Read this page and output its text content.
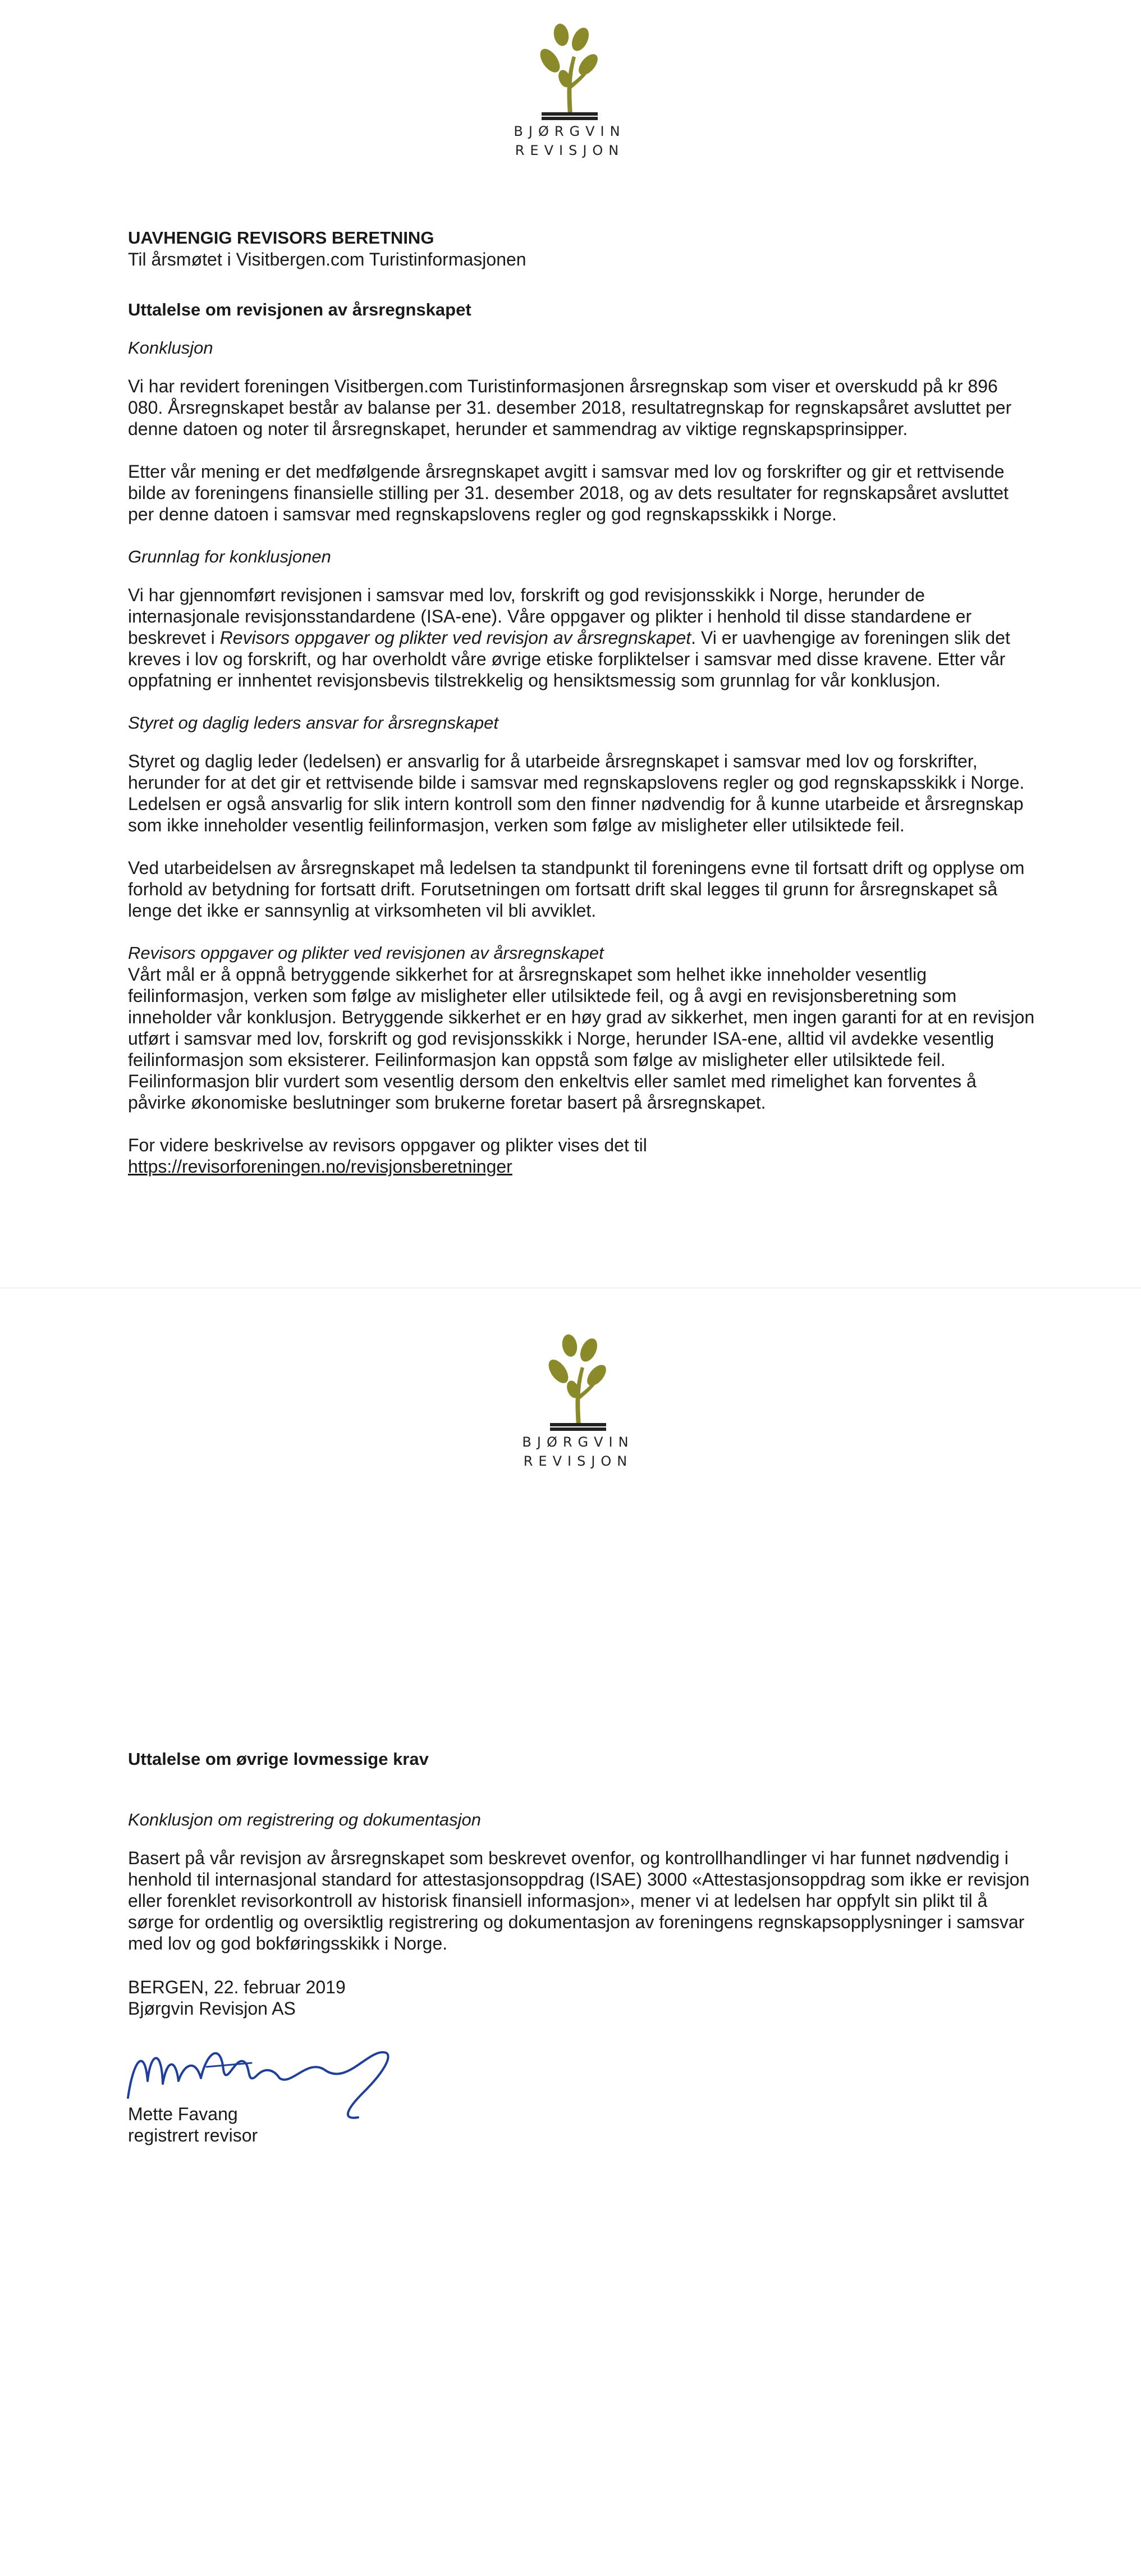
BJØRGVIN
REVISJON
UAVHENGIG REVISORS BERETNING
Til årsmøtet i Visitbergen.com Turistinformasjonen
Uttalelse om revisjonen av årsregnskapet
Konklusjon

Vi har revidert foreningen Visitbergen.com Turistinformasjonen årsregnskap som viser et overskudd på kr 896 080. Årsregnskapet består av balanse per 31. desember 2018, resultatregnskap for regnskapsåret avsluttet per denne datoen og noter til årsregnskapet, herunder et sammendrag av viktige regnskapsprinsipper.

Etter vår mening er det medfølgende årsregnskapet avgitt i samsvar med lov og forskrifter og gir et rettvisende bilde av foreningens finansielle stilling per 31. desember 2018, og av dets resultater for regnskapsåret avsluttet per denne datoen i samsvar med regnskapslovens regler og god regnskapsskikk i Norge.

Grunnlag for konklusjonen

Vi har gjennomført revisjonen i samsvar med lov, forskrift og god revisjonsskikk i Norge, herunder de internasjonale revisjonsstandardene (ISA-ene). Våre oppgaver og plikter i henhold til disse standardene er beskrevet i Revisors oppgaver og plikter ved revisjon av årsregnskapet. Vi er uavhengige av foreningen slik det kreves i lov og forskrift, og har overholdt våre øvrige etiske forpliktelser i samsvar med disse kravene. Etter vår oppfatning er innhentet revisjonsbevis tilstrekkelig og hensiktsmessig som grunnlag for vår konklusjon.

Styret og daglig leders ansvar for årsregnskapet

Styret og daglig leder (ledelsen) er ansvarlig for å utarbeide årsregnskapet i samsvar med lov og forskrifter, herunder for at det gir et rettvisende bilde i samsvar med regnskapslovens regler og god regnskapsskikk i Norge. Ledelsen er også ansvarlig for slik intern kontroll som den finner nødvendig for å kunne utarbeide et årsregnskap som ikke inneholder vesentlig feilinformasjon, verken som følge av misligheter eller utilsiktede feil.

Ved utarbeidelsen av årsregnskapet må ledelsen ta standpunkt til foreningens evne til fortsatt drift og opplyse om forhold av betydning for fortsatt drift. Forutsetningen om fortsatt drift skal legges til grunn for årsregnskapet så lenge det ikke er sannsynlig at virksomheten vil bli avviklet.

Revisors oppgaver og plikter ved revisjonen av årsregnskapet

Vårt mål er å oppnå betryggende sikkerhet for at årsregnskapet som helhet ikke inneholder vesentlig feilinformasjon, verken som følge av misligheter eller utilsiktede feil, og å avgi en revisjonsberetning som inneholder vår konklusjon. Betryggende sikkerhet er en høy grad av sikkerhet, men ingen garanti for at en revisjon utført i samsvar med lov, forskrift og god revisjonsskikk i Norge, herunder ISA-ene, alltid vil avdekke vesentlig feilinformasjon som eksisterer. Feilinformasjon kan oppstå som følge av misligheter eller utilsiktede feil. Feilinformasjon blir vurdert som vesentlig dersom den enkeltvis eller samlet med rimelighet kan forventes å påvirke økonomiske beslutninger som brukerne foretar basert på årsregnskapet.

For videre beskrivelse av revisors oppgaver og plikter vises det til

https://revisorforeningen.no/revisjonsberetninger
BJØRGVIN
REVISJON
Uttalelse om øvrige lovmessige krav
Konklusjon om registrering og dokumentasjon

Basert på vår revisjon av årsregnskapet som beskrevet ovenfor, og kontrollhandlinger vi har funnet nødvendig i henhold til internasjonal standard for attestasjonsoppdrag (ISAE) 3000 «Attestasjonsoppdrag som ikke er revisjon eller forenklet revisorkontroll av historisk finansiell informasjon», mener vi at ledelsen har oppfylt sin plikt til å sørge for ordentlig og oversiktlig registrering og dokumentasjon av foreningens regnskapsopplysninger i samsvar med lov og god bokføringsskikk i Norge.

BERGEN, 22. februar 2019
Bjørgvin Revisjon AS
Mette Favang
registrert revisor
